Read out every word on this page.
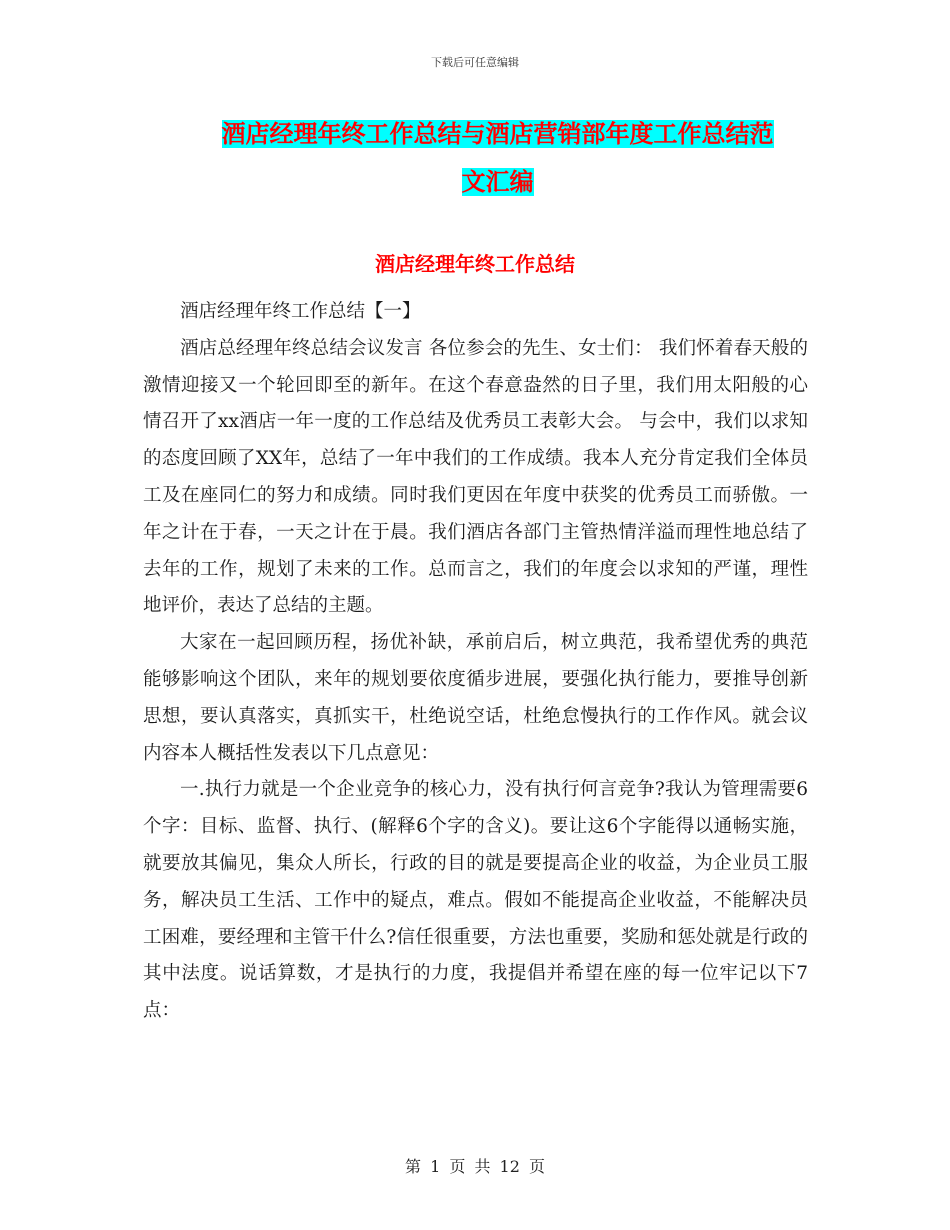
下载后可任意编辑
酒店经理年终工作总结与酒店营销部年度工作总结范
文汇编
酒店经理年终工作总结

酒店经理年终工作总结【一】

酒店总经理年终总结会议发言 各位参会的先生、女士们： 我们怀着春天般的激情迎接又一个轮回即至的新年。在这个春意盎然的日子里，我们用太阳般的心情召开了xx酒店一年一度的工作总结及优秀员工表彰大会。 与会中，我们以求知的态度回顾了XX年，总结了一年中我们的工作成绩。我本人充分肯定我们全体员工及在座同仁的努力和成绩。同时我们更因在年度中获奖的优秀员工而骄傲。一年之计在于春，一天之计在于晨。我们酒店各部门主管热情洋溢而理性地总结了去年的工作，规划了未来的工作。总而言之，我们的年度会以求知的严谨，理性地评价，表达了总结的主题。

大家在一起回顾历程，扬优补缺，承前启后，树立典范，我希望优秀的典范能够影响这个团队，来年的规划要依度循步进展，要强化执行能力，要推导创新思想，要认真落实，真抓实干，杜绝说空话，杜绝怠慢执行的工作作风。就会议内容本人概括性发表以下几点意见：

一.执行力就是一个企业竞争的核心力，没有执行何言竞争?我认为管理需要6个字：目标、监督、执行、(解释6个字的含义)。要让这6个字能得以通畅实施，就要放其偏见，集众人所长，行政的目的就是要提高企业的收益，为企业员工服务，解决员工生活、工作中的疑点，难点。假如不能提高企业收益，不能解决员工困难，要经理和主管干什么?信任很重要，方法也重要，奖励和惩处就是行政的其中法度。说话算数，才是执行的力度，我提倡并希望在座的每一位牢记以下7点：

第 1 页 共 12 页
